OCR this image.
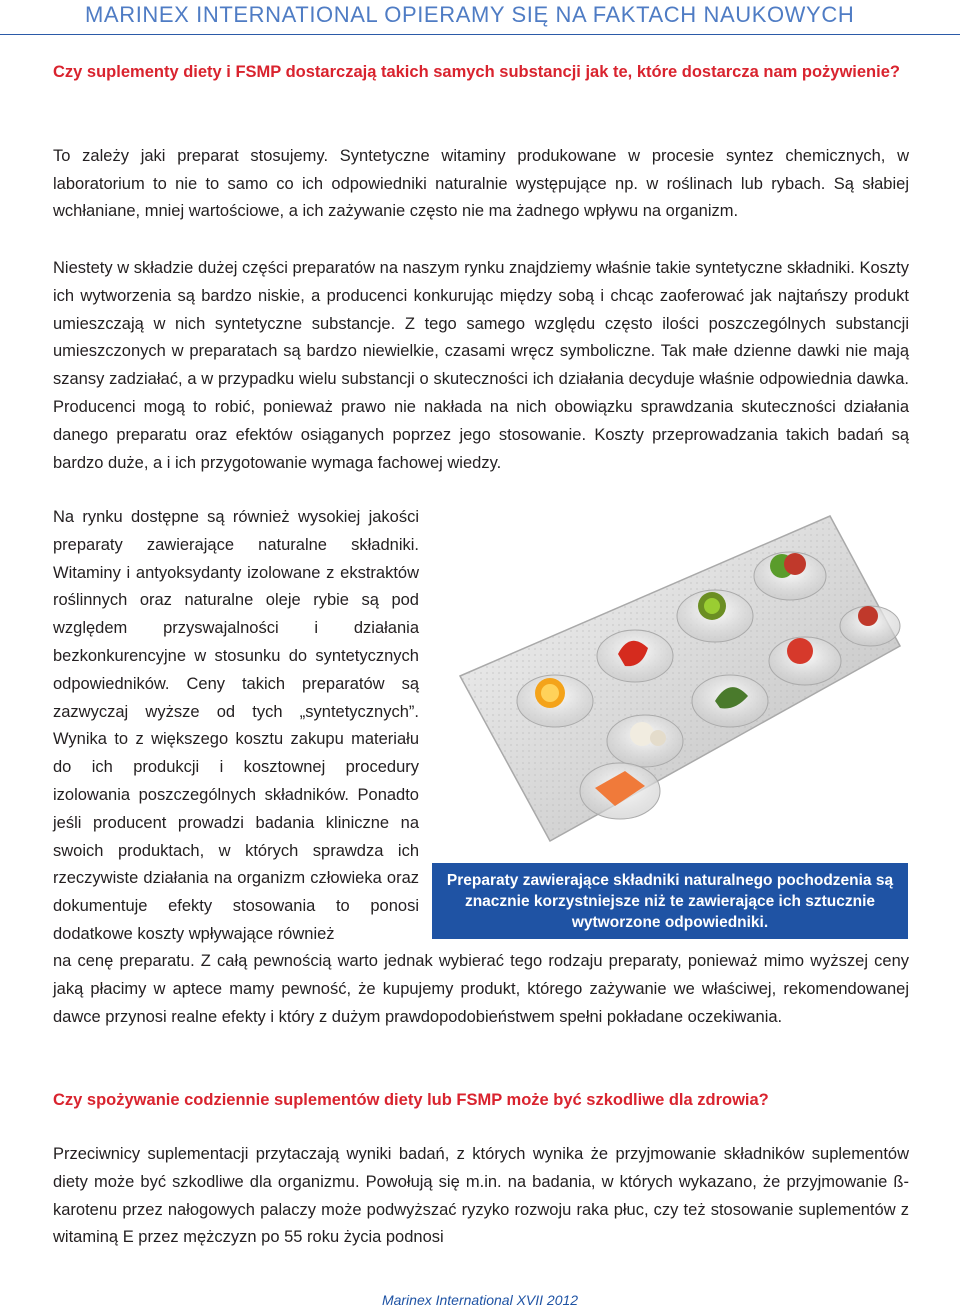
MARINEX INTERNATIONAL OPIERAMY SIĘ NA FAKTACH NAUKOWYCH
Czy suplementy diety i FSMP dostarczają takich samych substancji jak te, które dostarcza nam pożywienie?
To zależy jaki preparat stosujemy. Syntetyczne witaminy produkowane w procesie syntez chemicznych, w laboratorium to nie to samo co ich odpowiedniki naturalnie występujące np. w roślinach lub rybach. Są słabiej wchłaniane, mniej wartościowe, a ich zażywanie często nie ma żadnego wpływu na organizm.

Niestety w składzie dużej części preparatów na naszym rynku znajdziemy właśnie takie syntetyczne składniki. Koszty ich wytworzenia są bardzo niskie, a producenci konkurując między sobą i chcąc zaoferować jak najtańszy produkt umieszczają w nich syntetyczne substancje. Z tego samego względu często ilości poszczególnych substancji umieszczonych w preparatach są bardzo niewielkie, czasami wręcz symboliczne. Tak małe dzienne dawki nie mają szansy zadziałać, a w przypadku wielu substancji o skuteczności ich działania decyduje właśnie odpowiednia dawka. Producenci mogą to robić, ponieważ prawo nie nakłada na nich obowiązku sprawdzania skuteczności działania danego preparatu oraz efektów osiąganych poprzez jego stosowanie. Koszty przeprowadzania takich badań są bardzo duże, a i ich przygotowanie wymaga fachowej wiedzy.

Na rynku dostępne są również wysokiej jakości preparaty zawierające naturalne składniki. Witaminy i antyoksydanty izolowane z ekstraktów roślinnych oraz naturalne oleje rybie są pod względem przyswajalności i działania bezkonkurencyjne w stosunku do syntetycznych odpowiedników. Ceny takich preparatów są zazwyczaj wyższe od tych „syntetycznych”. Wynika to z większego kosztu zakupu materiału do ich produkcji i kosztownej procedury izolowania poszczególnych składników. Ponadto jeśli producent prowadzi badania kliniczne na swoich produktach, w których sprawdza ich rzeczywiste działania na organizm człowieka oraz dokumentuje efekty stosowania to ponosi dodatkowe koszty wpływające również

Preparaty zawierające składniki naturalnego pochodzenia są znacznie korzystniejsze niż te zawierające ich sztucznie wytworzone odpowiedniki.

na cenę preparatu. Z całą pewnością warto jednak wybierać tego rodzaju preparaty, ponieważ mimo wyższej ceny jaką płacimy w aptece mamy pewność, że kupujemy produkt, którego zażywanie we właściwej, rekomendowanej dawce przynosi realne efekty i który z dużym prawdopodobieństwem spełni pokładane oczekiwania.

Czy spożywanie codziennie suplementów diety lub FSMP może być szkodliwe dla zdrowia?

Przeciwnicy suplementacji przytaczają wyniki badań, z których wynika że przyjmowanie składników suplementów diety może być szkodliwe dla organizmu. Powołują się m.in. na badania, w których wykazano, że przyjmowanie ß-karotenu przez nałogowych palaczy może podwyższać ryzyko rozwoju raka płuc, czy też stosowanie suplementów z witaminą E przez mężczyzn po 55 roku życia podnosi

Marinex International XVII 2012
